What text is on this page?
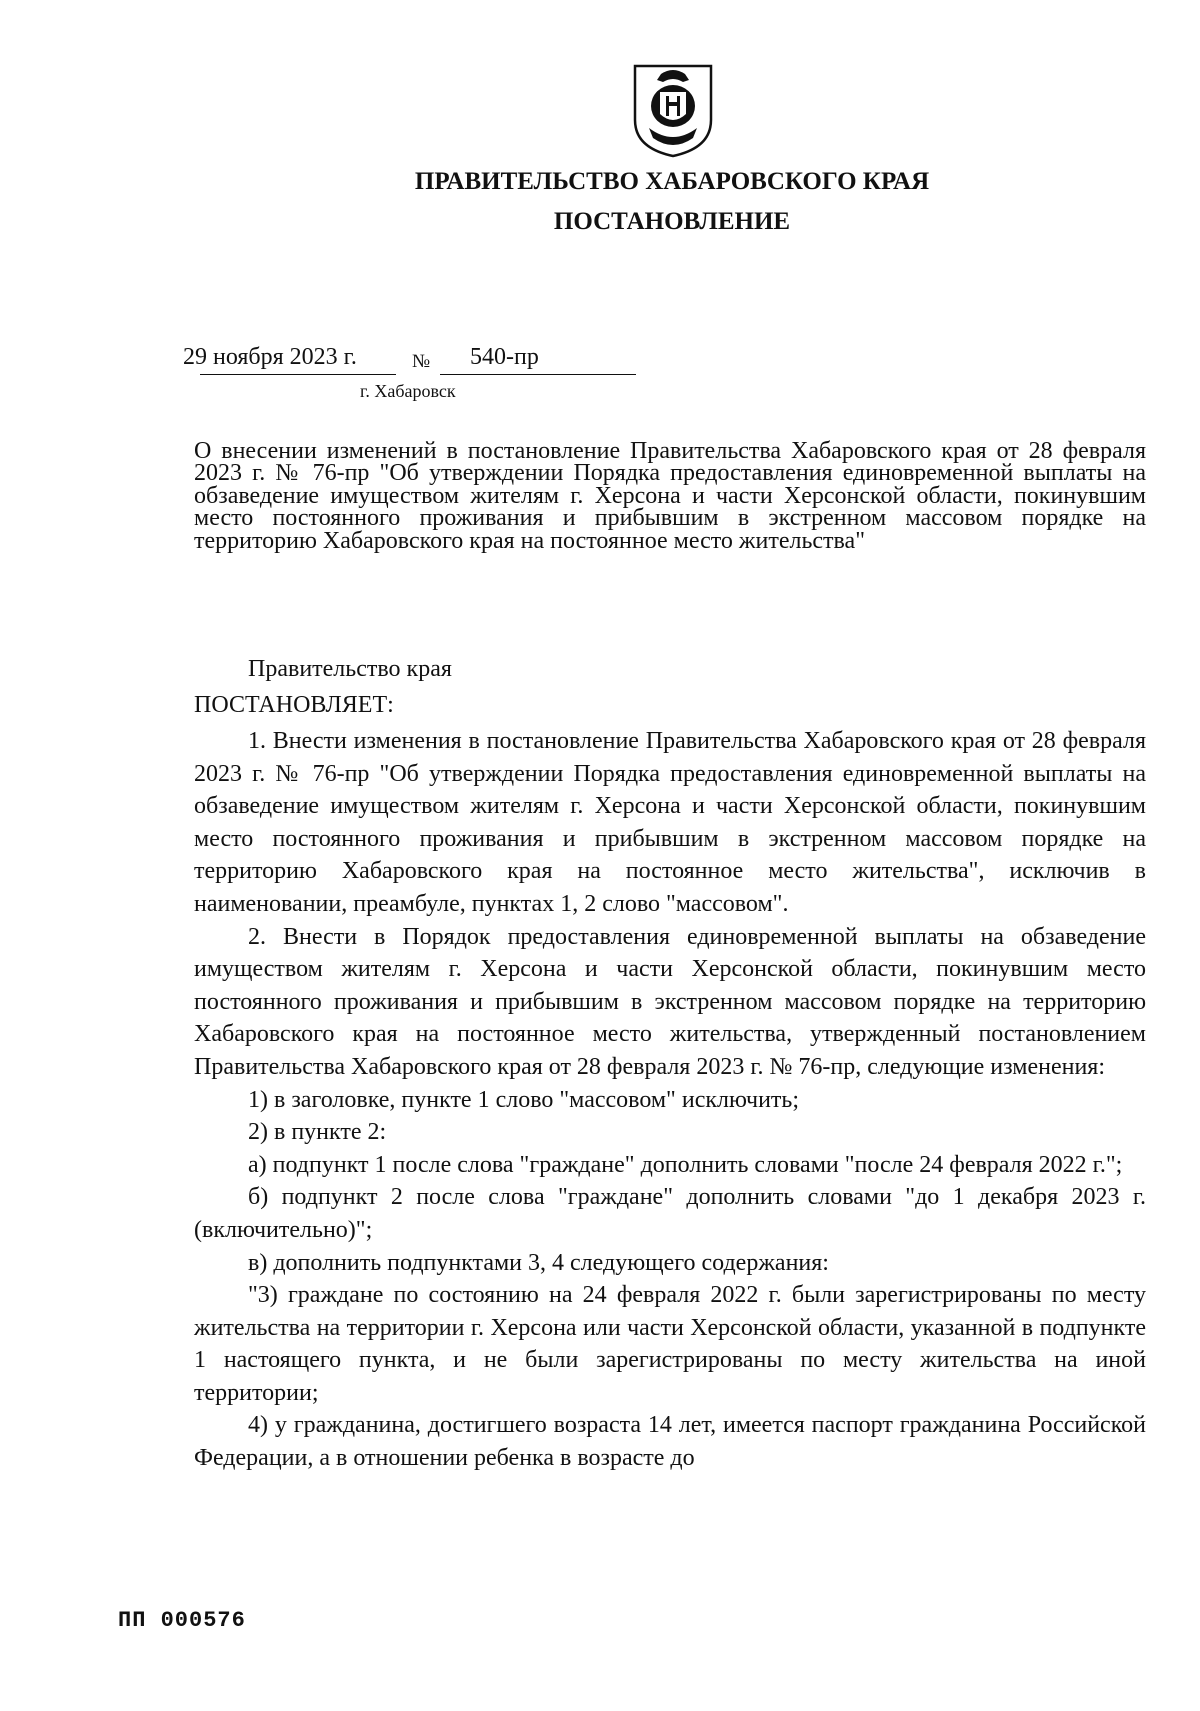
ПРАВИТЕЛЬСТВО ХАБАРОВСКОГО КРАЯ
ПОСТАНОВЛЕНИЕ
29 ноября 2023 г.	№ 540-пр
г. Хабаровск
О внесении изменений в постановление Правительства Хабаровского края от 28 февраля 2023 г. № 76-пр "Об утверждении Порядка предоставления единовременной выплаты на обзаведение имуществом жителям г. Херсона и части Херсонской области, покинувшим место постоянного проживания и прибывшим в экстренном массовом порядке на территорию Хабаровского края на постоянное место жительства"
Правительство края
ПОСТАНОВЛЯЕТ:

1. Внести изменения в постановление Правительства Хабаровского края от 28 февраля 2023 г. № 76-пр "Об утверждении Порядка предоставления единовременной выплаты на обзаведение имуществом жителям г. Херсона и части Херсонской области, покинувшим место постоянного проживания и прибывшим в экстренном массовом порядке на территорию Хабаровского края на постоянное место жительства", исключив в наименовании, преамбуле, пунктах 1, 2 слово "массовом".

2. Внести в Порядок предоставления единовременной выплаты на обзаведение имуществом жителям г. Херсона и части Херсонской области, покинувшим место постоянного проживания и прибывшим в экстренном массовом порядке на территорию Хабаровского края на постоянное место жительства, утвержденный постановлением Правительства Хабаровского края от 28 февраля 2023 г. № 76-пр, следующие изменения:

1) в заголовке, пункте 1 слово "массовом" исключить;

2) в пункте 2:

а) подпункт 1 после слова "граждане" дополнить словами "после 24 февраля 2022 г.";

б) подпункт 2 после слова "граждане" дополнить словами "до 1 декабря 2023 г. (включительно)";

в) дополнить подпунктами 3, 4 следующего содержания:

"3) граждане по состоянию на 24 февраля 2022 г. были зарегистрированы по месту жительства на территории г. Херсона или части Херсонской области, указанной в подпункте 1 настоящего пункта, и не были зарегистрированы по месту жительства на иной территории;

4) у гражданина, достигшего возраста 14 лет, имеется паспорт гражданина Российской Федерации, а в отношении ребенка в возрасте до

ПП 000576
